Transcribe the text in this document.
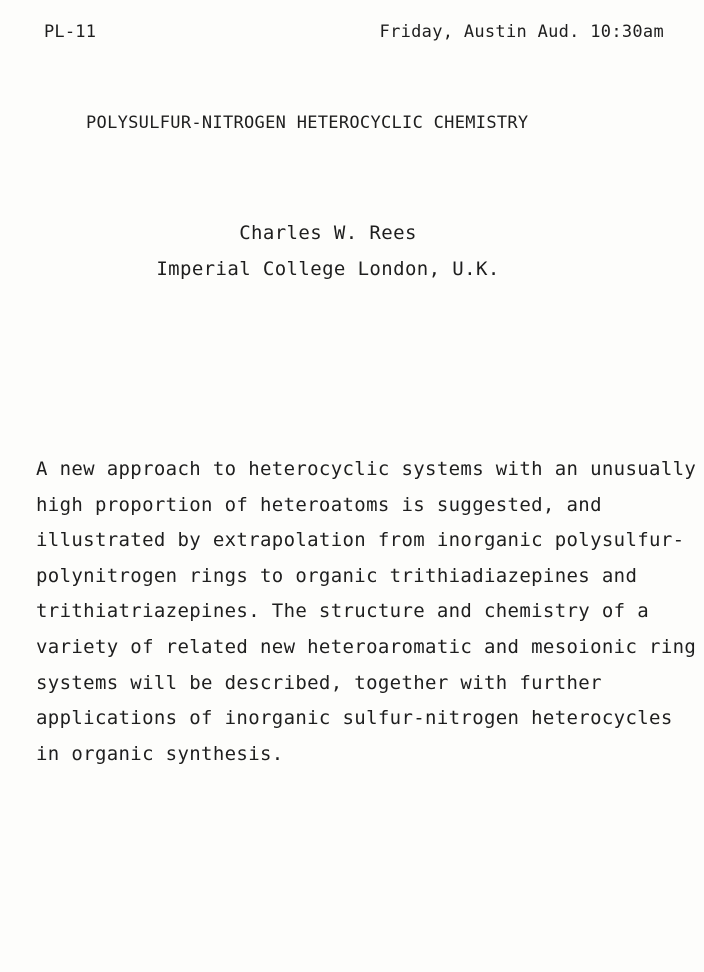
PL-11	Friday, Austin Aud. 10:30am
POLYSULFUR-NITROGEN HETEROCYCLIC CHEMISTRY
Charles W. Rees
Imperial College London, U.K.
A new approach to heterocyclic systems with an unusually
high proportion of heteroatoms is suggested, and
illustrated by extrapolation from inorganic polysulfur-
polynitrogen rings to organic trithiadiazepines and
trithiatriazepines. The structure and chemistry of a
variety of related new heteroaromatic and mesoionic ring
systems will be described, together with further
applications of inorganic sulfur-nitrogen heterocycles
in organic synthesis.
